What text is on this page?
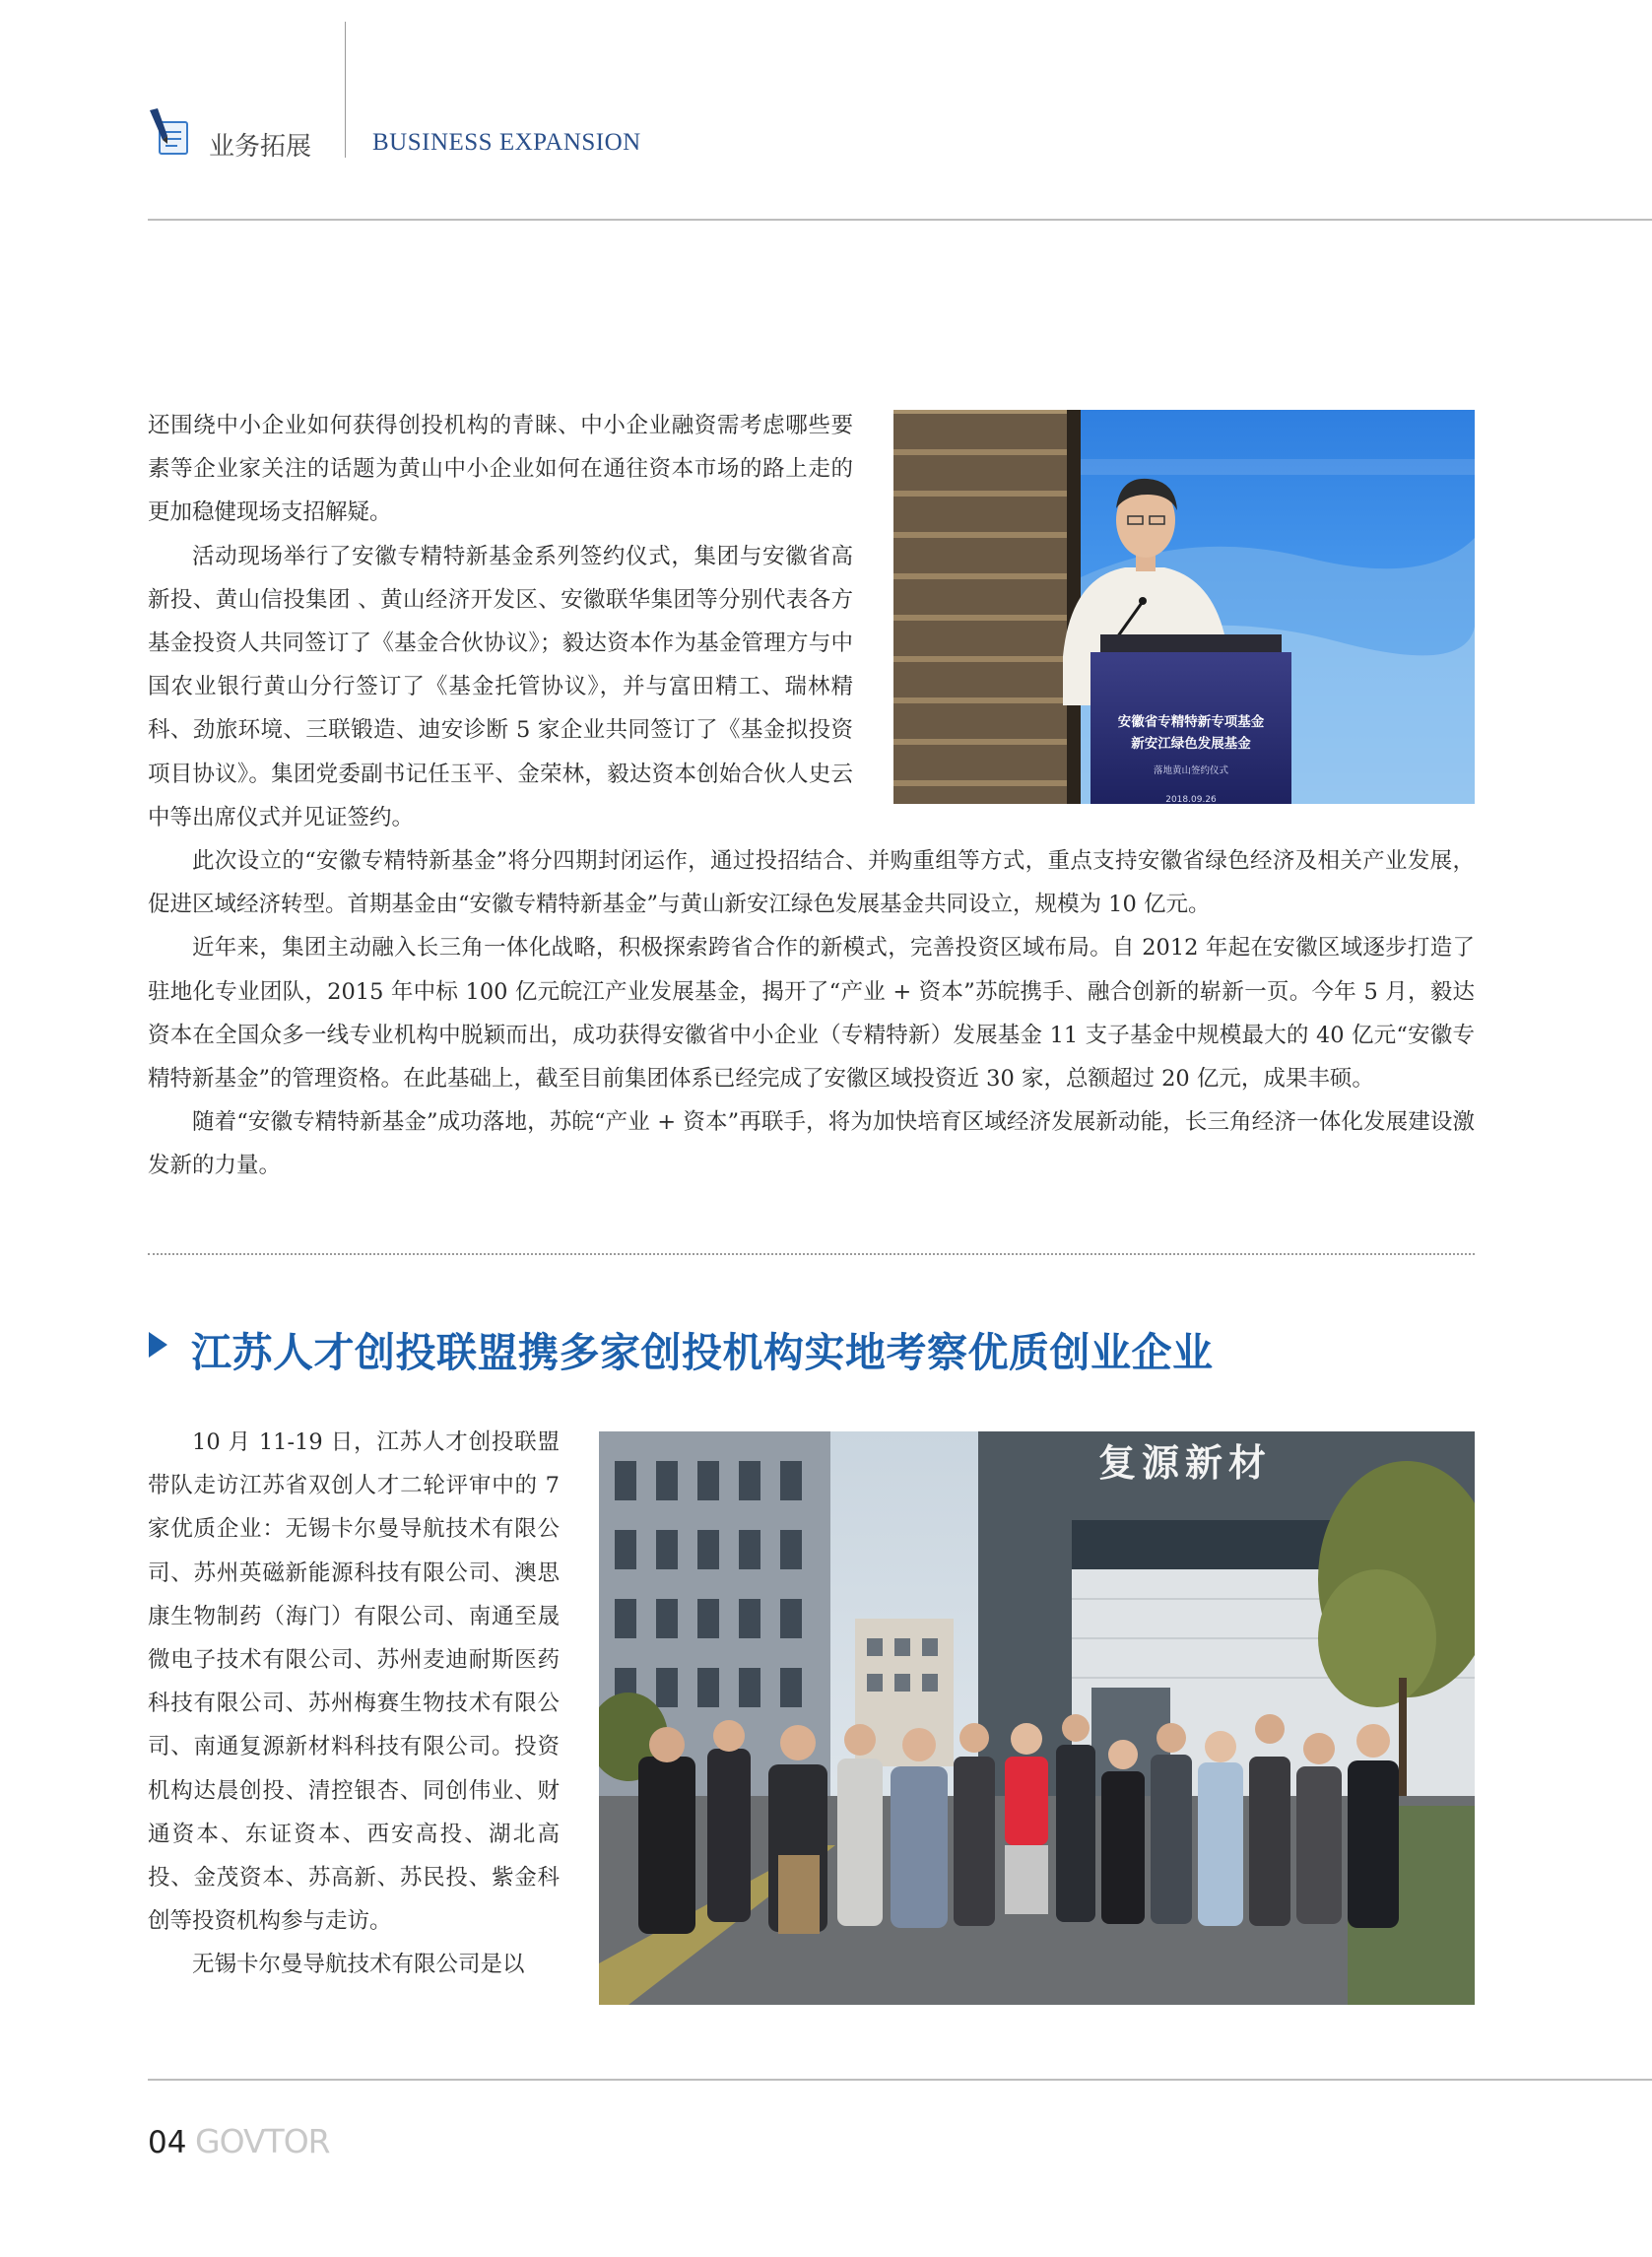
业务拓展 BUSINESS EXPANSION

还围绕中小企业如何获得创投机构的青睐、中小企业融资需考虑哪些要素等企业家关注的话题为黄山中小企业如何在通往资本市场的路上走的更加稳健现场支招解疑。

活动现场举行了安徽专精特新基金系列签约仪式，集团与安徽省高新投、黄山信投集团 、黄山经济开发区、安徽联华集团等分别代表各方基金投资人共同签订了《基金合伙协议》；毅达资本作为基金管理方与中国农业银行黄山分行签订了《基金托管协议》，并与富田精工、瑞林精科、劲旅环境、三联锻造、迪安诊断 5 家企业共同签订了《基金拟投资项目协议》。集团党委副书记任玉平、金荣林，毅达资本创始合伙人史云中等出席仪式并见证签约。

安徽省专精特新专项基金
新安江绿色发展基金
落地黄山签约仪式
2018.09.26

此次设立的“安徽专精特新基金”将分四期封闭运作，通过投招结合、并购重组等方式，重点支持安徽省绿色经济及相关产业发展，促进区域经济转型。首期基金由“安徽专精特新基金”与黄山新安江绿色发展基金共同设立，规模为 10 亿元。

近年来，集团主动融入长三角一体化战略，积极探索跨省合作的新模式，完善投资区域布局。自 2012 年起在安徽区域逐步打造了驻地化专业团队，2015 年中标 100 亿元皖江产业发展基金，揭开了“产业 + 资本”苏皖携手、融合创新的崭新一页。今年 5 月，毅达资本在全国众多一线专业机构中脱颖而出，成功获得安徽省中小企业（专精特新）发展基金 11 支子基金中规模最大的 40 亿元“安徽专精特新基金”的管理资格。在此基础上，截至目前集团体系已经完成了安徽区域投资近 30 家，总额超过 20 亿元，成果丰硕。

随着“安徽专精特新基金”成功落地，苏皖“产业 + 资本”再联手，将为加快培育区域经济发展新动能，长三角经济一体化发展建设激发新的力量。

江苏人才创投联盟携多家创投机构实地考察优质创业企业

10 月 11-19 日，江苏人才创投联盟带队走访江苏省双创人才二轮评审中的 7 家优质企业：无锡卡尔曼导航技术有限公司、苏州英磁新能源科技有限公司、澳思康生物制药（海门）有限公司、南通至晟微电子技术有限公司、苏州麦迪耐斯医药科技有限公司、苏州梅赛生物技术有限公司、南通复源新材料科技有限公司。投资机构达晨创投、清控银杏、同创伟业、财通资本、东证资本、西安高投、湖北高投、金茂资本、苏高新、苏民投、紫金科创等投资机构参与走访。

无锡卡尔曼导航技术有限公司是以

复源新材
04 GOVTOR
